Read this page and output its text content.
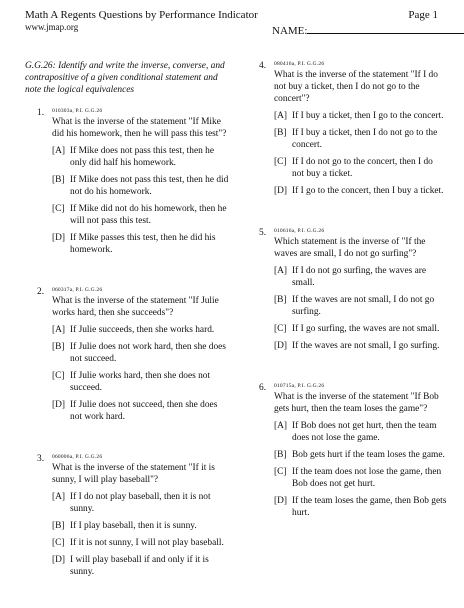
Math A Regents Questions by Performance Indicator
www.jmap.org
Page 1
NAME:
G.G.26: Identify and write the inverse, converse, and contrapositive of a given conditional statement and note the logical equivalences
1. 010303a, P.I. G.G.26
What is the inverse of the statement "If Mike did his homework, then he will pass this test"?
[A] If Mike does not pass this test, then he only did half his homework.
[B] If Mike does not pass this test, then he did not do his homework.
[C] If Mike did not do his homework, then he will not pass this test.
[D] If Mike passes this test, then he did his homework.
2. 060317a, P.I. G.G.26
What is the inverse of the statement "If Julie works hard, then she succeeds"?
[A] If Julie succeeds, then she works hard.
[B] If Julie does not work hard, then she does not succeed.
[C] If Julie works hard, then she does not succeed.
[D] If Julie does not succeed, then she does not work hard.
3. 060006a, P.I. G.G.26
What is the inverse of the statement "If it is sunny, I will play baseball"?
[A] If I do not play baseball, then it is not sunny.
[B] If I play baseball, then it is sunny.
[C] If it is not sunny, I will not play baseball.
[D] I will play baseball if and only if it is sunny.
4. 080416a, P.I. G.G.26
What is the inverse of the statement "If I do not buy a ticket, then I do not go to the concert"?
[A] If I buy a ticket, then I go to the concert.
[B] If I buy a ticket, then I do not go to the concert.
[C] If I do not go to the concert, then I do not buy a ticket.
[D] If I go to the concert, then I buy a ticket.
5. 010616a, P.I. G.G.26
Which statement is the inverse of "If the waves are small, I do not go surfing"?
[A] If I do not go surfing, the waves are small.
[B] If the waves are not small, I do not go surfing.
[C] If I go surfing, the waves are not small.
[D] If the waves are not small, I go surfing.
6. 010715a, P.I. G.G.26
What is the inverse of the statement "If Bob gets hurt, then the team loses the game"?
[A] If Bob does not get hurt, then the team does not lose the game.
[B] Bob gets hurt if the team loses the game.
[C] If the team does not lose the game, then Bob does not get hurt.
[D] If the team loses the game, then Bob gets hurt.
